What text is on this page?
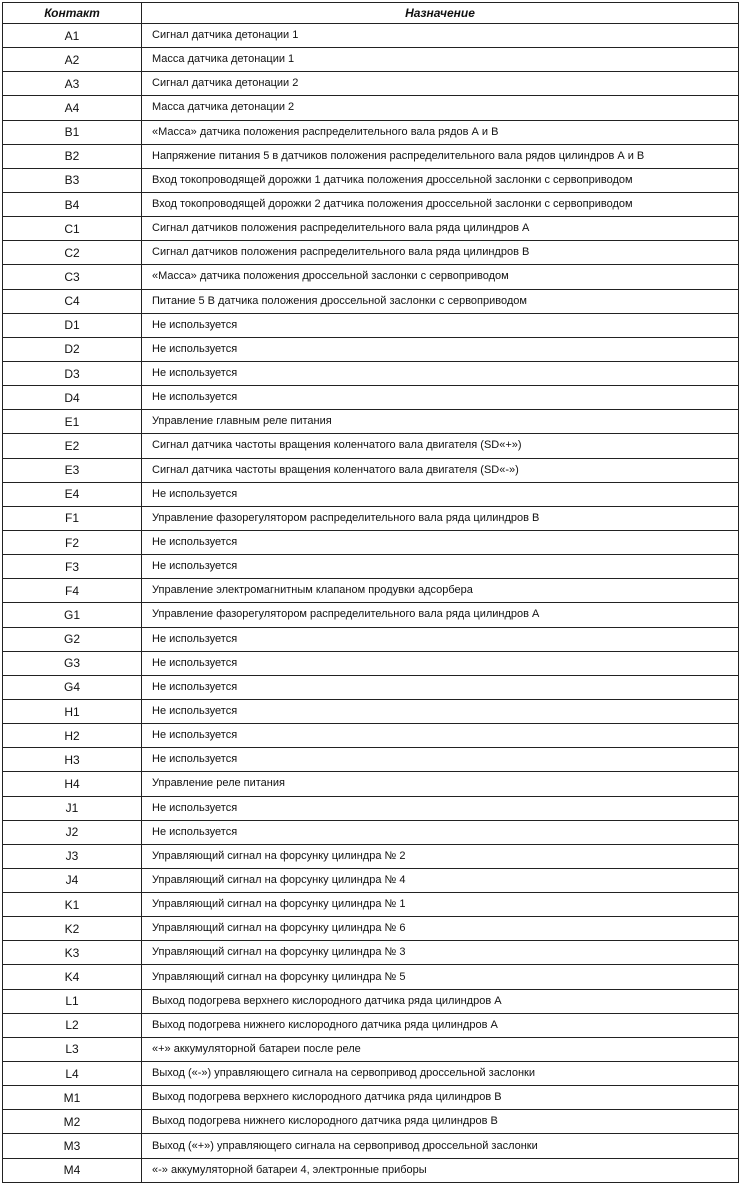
Контакт	Назначение
A1	Сигнал датчика детонации 1
A2	Масса датчика детонации 1
A3	Сигнал датчика детонации 2
A4	Масса датчика детонации 2
B1	«Масса» датчика положения распределительного вала рядов А и В
B2	Напряжение питания 5 в датчиков положения распределительного вала рядов цилиндров А и В
B3	Вход токопроводящей дорожки 1 датчика положения дроссельной заслонки с сервоприводом
B4	Вход токопроводящей дорожки 2 датчика положения дроссельной заслонки с сервоприводом
C1	Сигнал датчиков положения распределительного вала ряда цилиндров А
C2	Сигнал датчиков положения распределительного вала ряда цилиндров В
C3	«Масса» датчика положения дроссельной заслонки с сервоприводом
C4	Питание 5 В датчика положения дроссельной заслонки с сервоприводом
D1	Не используется
D2	Не используется
D3	Не используется
D4	Не используется
E1	Управление главным реле питания
E2	Сигнал датчика частоты вращения коленчатого вала двигателя (SD«+»)
E3	Сигнал датчика частоты вращения коленчатого вала двигателя (SD«-»)
E4	Не используется
F1	Управление фазорегулятором распределительного вала ряда цилиндров В
F2	Не используется
F3	Не используется
F4	Управление электромагнитным клапаном продувки адсорбера
G1	Управление фазорегулятором распределительного вала ряда цилиндров А
G2	Не используется
G3	Не используется
G4	Не используется
H1	Не используется
H2	Не используется
H3	Не используется
H4	Управление реле питания
J1	Не используется
J2	Не используется
J3	Управляющий сигнал на форсунку цилиндра № 2
J4	Управляющий сигнал на форсунку цилиндра № 4
K1	Управляющий сигнал на форсунку цилиндра № 1
K2	Управляющий сигнал на форсунку цилиндра № 6
K3	Управляющий сигнал на форсунку цилиндра № 3
K4	Управляющий сигнал на форсунку цилиндра № 5
L1	Выход подогрева верхнего кислородного датчика ряда цилиндров А
L2	Выход подогрева нижнего кислородного датчика ряда цилиндров А
L3	«+» аккумуляторной батареи после реле
L4	Выход («-») управляющего сигнала на сервопривод дроссельной заслонки
M1	Выход подогрева верхнего кислородного датчика ряда цилиндров В
M2	Выход подогрева нижнего кислородного датчика ряда цилиндров В
M3	Выход («+») управляющего сигнала на сервопривод дроссельной заслонки
M4	«-» аккумуляторной батареи 4, электронные приборы
